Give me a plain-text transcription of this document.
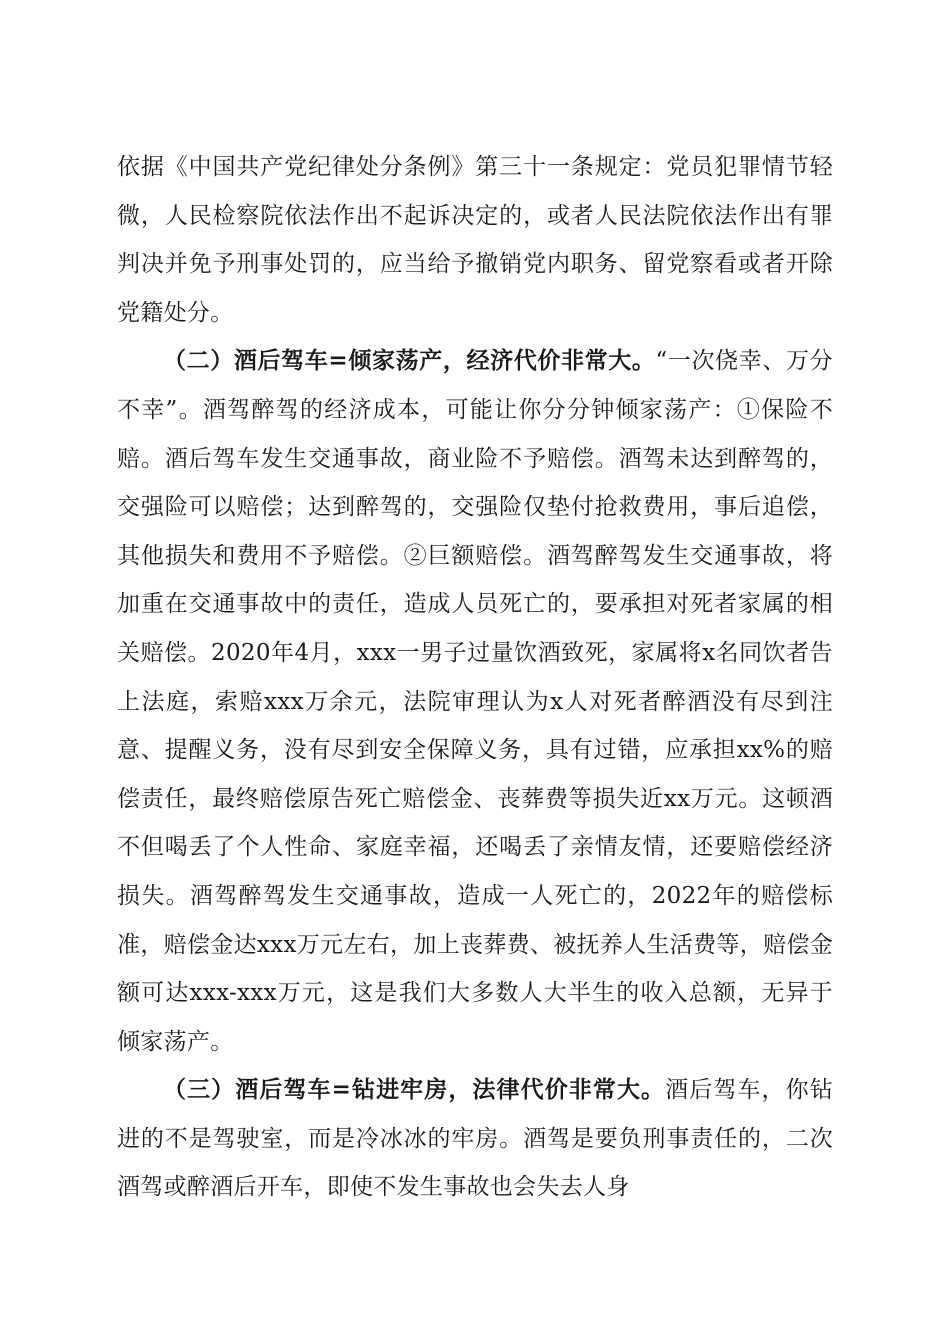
依据《中国共产党纪律处分条例》第三十一条规定：党员犯罪情节轻微，人民检察院依法作出不起诉决定的，或者人民法院依法作出有罪判决并免予刑事处罚的，应当给予撤销党内职务、留党察看或者开除党籍处分。

（二）酒后驾车=倾家荡产，经济代价非常大。“一次侥幸、万分不幸”。酒驾醉驾的经济成本，可能让你分分钟倾家荡产：①保险不赔。酒后驾车发生交通事故，商业险不予赔偿。酒驾未达到醉驾的，交强险可以赔偿；达到醉驾的，交强险仅垫付抢救费用，事后追偿，其他损失和费用不予赔偿。②巨额赔偿。酒驾醉驾发生交通事故，将加重在交通事故中的责任，造成人员死亡的，要承担对死者家属的相关赔偿。2020年4月，xxx一男子过量饮酒致死，家属将x名同饮者告上法庭，索赔xxx万余元，法院审理认为x人对死者醉酒没有尽到注意、提醒义务，没有尽到安全保障义务，具有过错，应承担xx%的赔偿责任，最终赔偿原告死亡赔偿金、丧葬费等损失近xx万元。这顿酒不但喝丢了个人性命、家庭幸福，还喝丢了亲情友情，还要赔偿经济损失。酒驾醉驾发生交通事故，造成一人死亡的，2022年的赔偿标准，赔偿金达xxx万元左右，加上丧葬费、被抚养人生活费等，赔偿金额可达xxx-xxx万元，这是我们大多数人大半生的收入总额，无异于倾家荡产。

（三）酒后驾车=钻进牢房，法律代价非常大。酒后驾车，你钻进的不是驾驶室，而是冷冰冰的牢房。酒驾是要负刑事责任的，二次酒驾或醉酒后开车，即使不发生事故也会失去人身
